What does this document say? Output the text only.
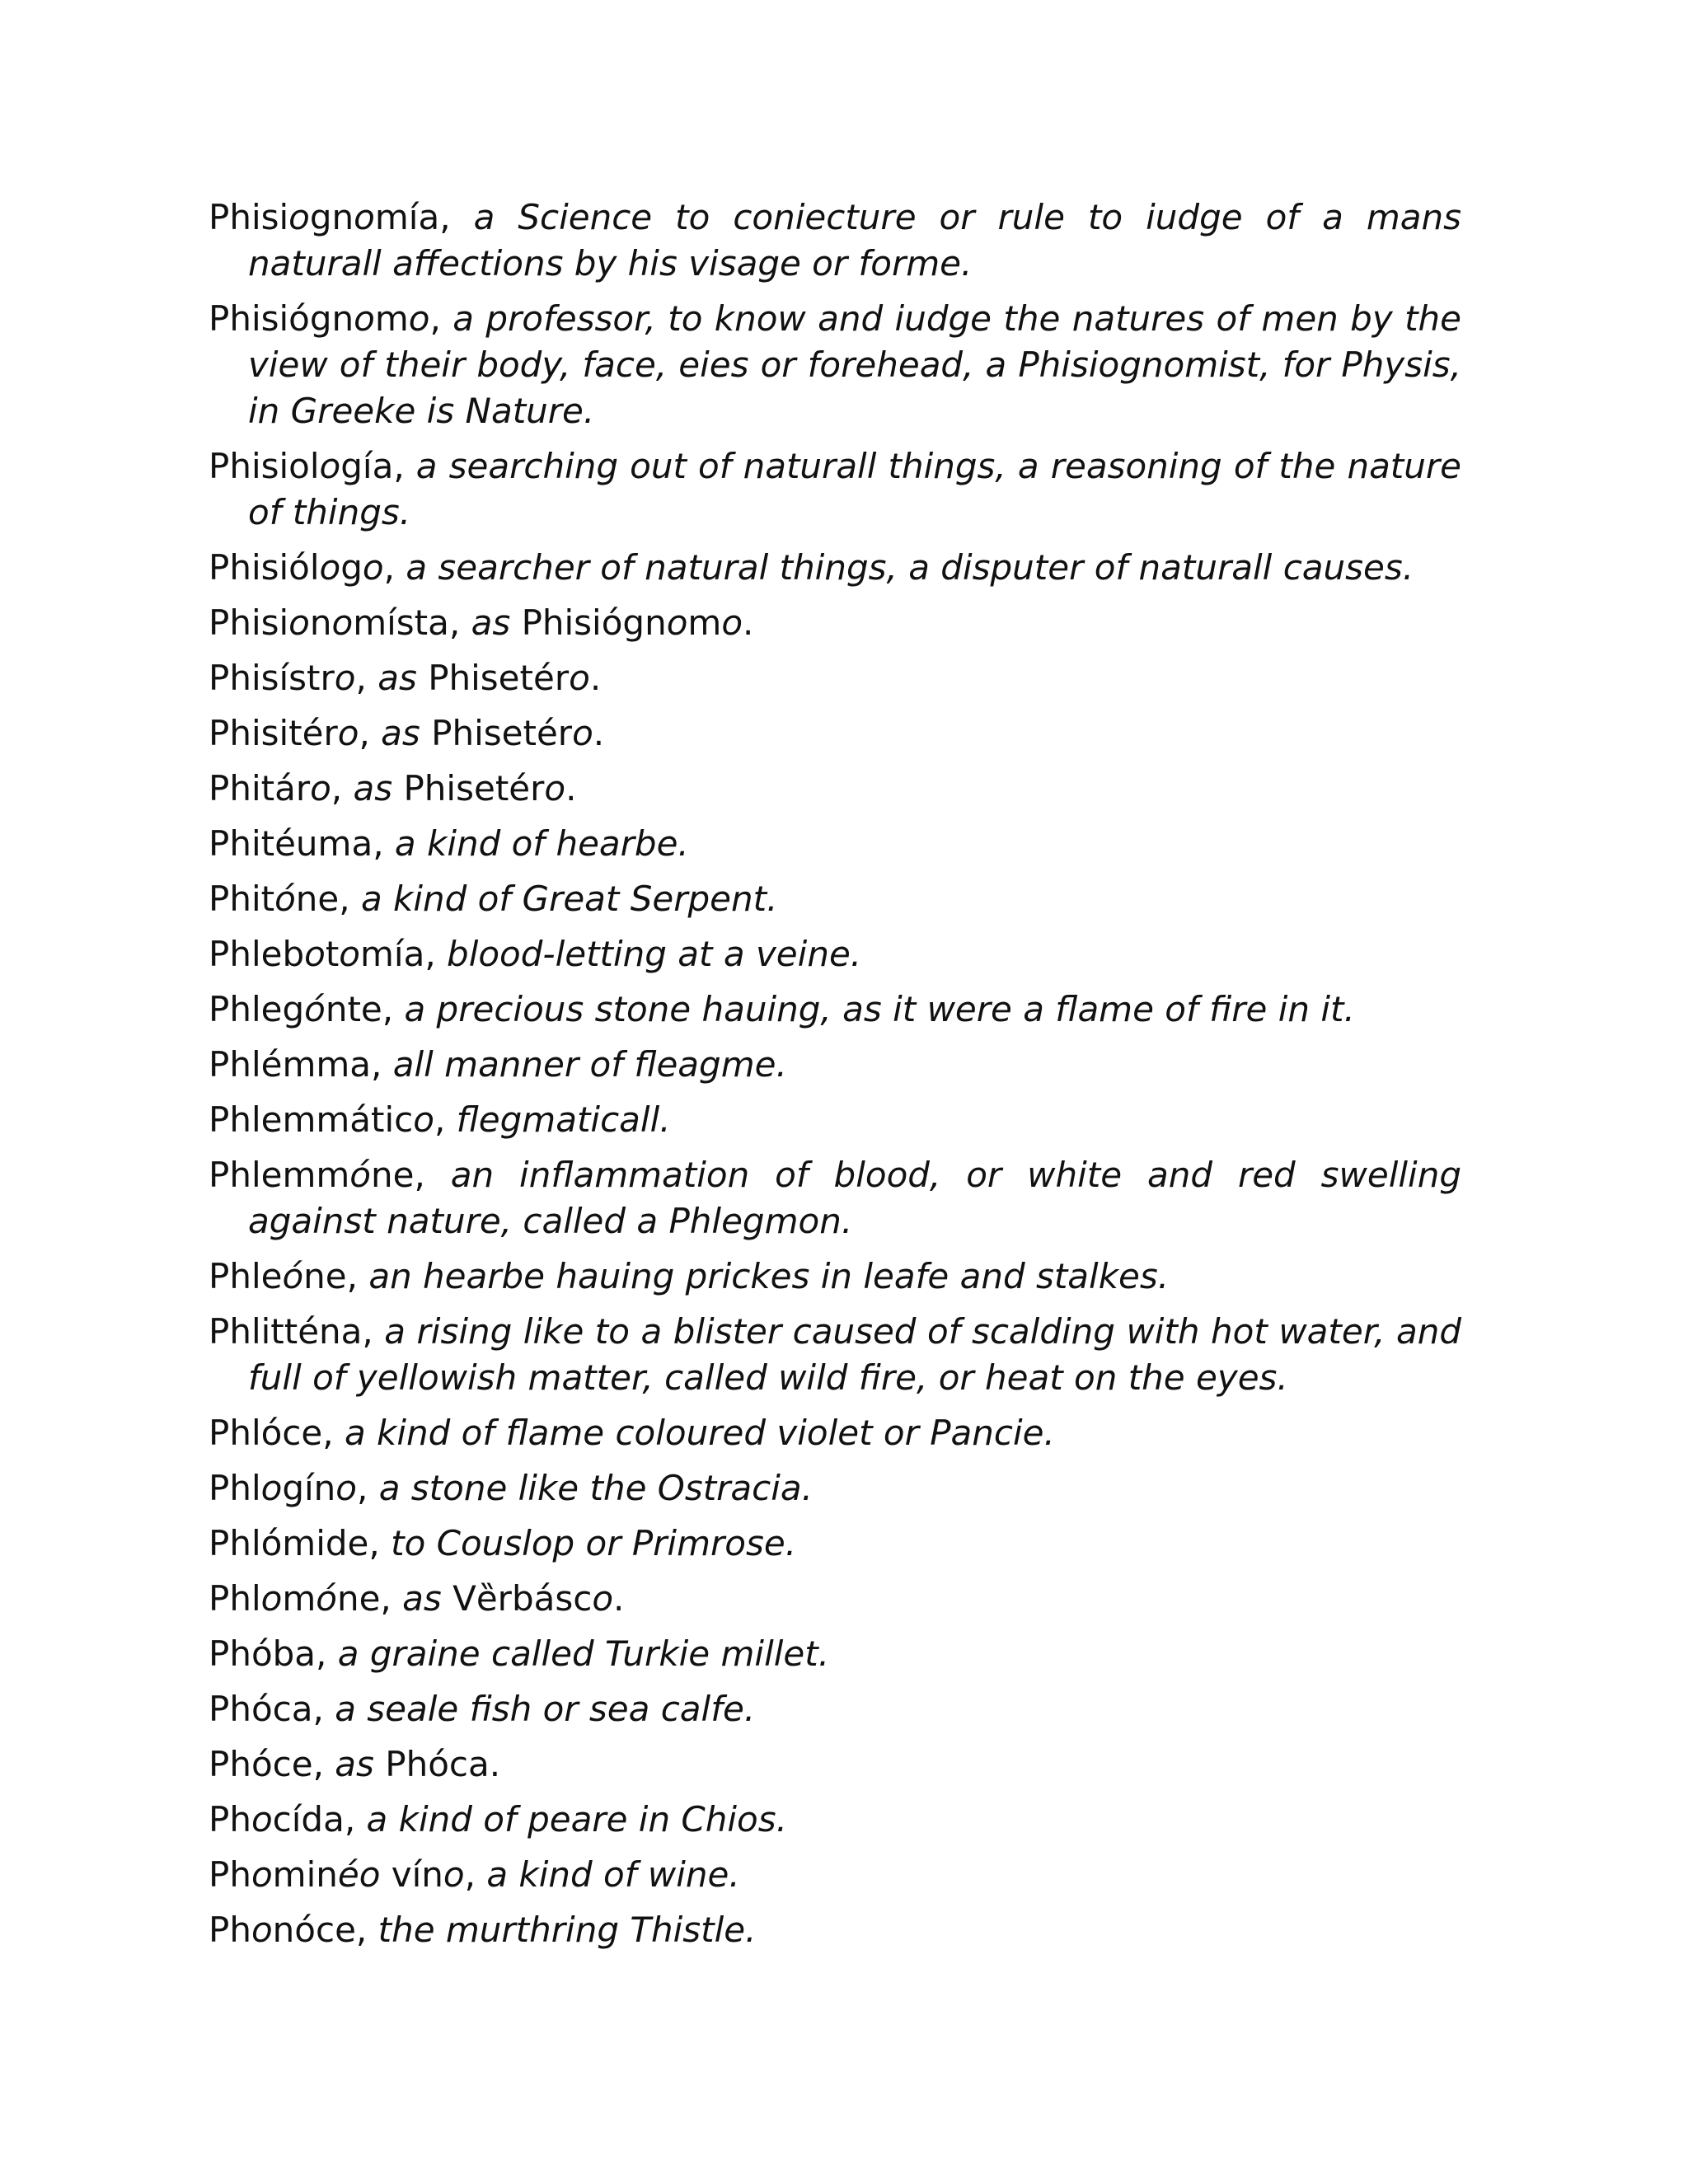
Phisiognomía, a Science to coniecture or rule to iudge of a mans naturall affections by his visage or forme.

Phisiógnomo, a professor, to know and iudge the natures of men by the view of their body, face, eies or forehead, a Phisiognomist, for Physis, in Greeke is Nature.

Phisiología, a searching out of naturall things, a reasoning of the nature of things.

Phisiólogo, a searcher of natural things, a disputer of naturall causes.

Phisionomísta, as Phisiógnomo.

Phisístro, as Phisetéro.

Phisitéro, as Phisetéro.

Phitáro, as Phisetéro.

Phitéuma, a kind of hearbe.

Phitóne, a kind of Great Serpent.

Phlebotomía, blood-letting at a veine.

Phlegónte, a precious stone hauing, as it were a flame of fire in it.

Phlémma, all manner of fleagme.

Phlemmático, flegmaticall.

Phlemmóne, an inflammation of blood, or white and red swelling against nature, called a Phlegmon.

Phleóne, an hearbe hauing prickes in leafe and stalkes.

Phlitténa, a rising like to a blister caused of scalding with hot water, and full of yellowish matter, called wild fire, or heat on the eyes.

Phlóce, a kind of flame coloured violet or Pancie.

Phlogíno, a stone like the Ostracia.

Phlómide, to Couslop or Primrose.

Phlomóne, as Vȅrbásco.

Phóba, a graine called Turkie millet.

Phóca, a seale fish or sea calfe.

Phóce, as Phóca.

Phocída, a kind of peare in Chios.

Phominéo víno, a kind of wine.

Phonóce, the murthring Thistle.
